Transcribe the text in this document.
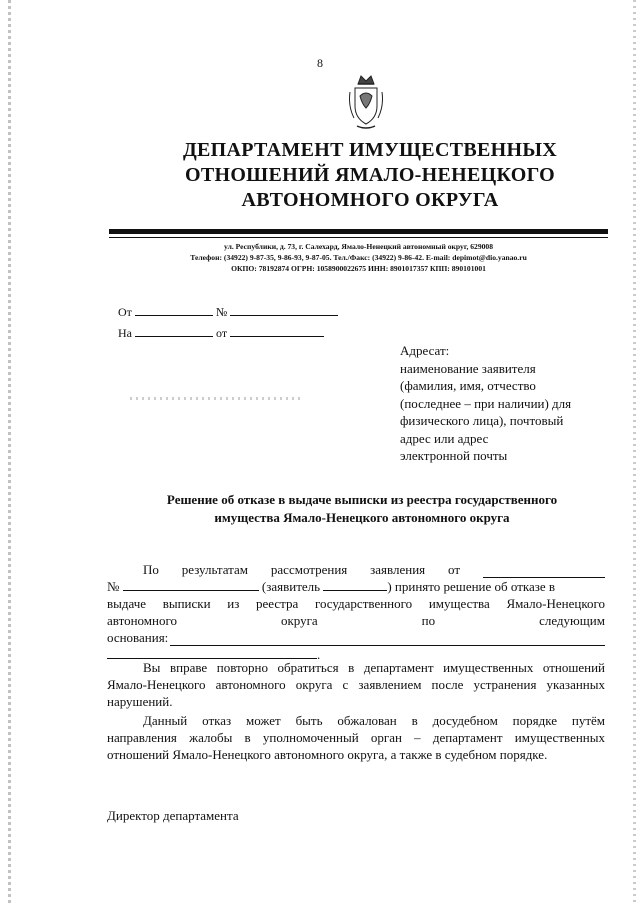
8
ДЕПАРТАМЕНТ ИМУЩЕСТВЕННЫХ
ОТНОШЕНИЙ ЯМАЛО-НЕНЕЦКОГО
АВТОНОМНОГО ОКРУГА
ул. Республики, д. 73, г. Салехард, Ямало-Ненецкий автономный округ, 629008
Телефон: (34922) 9-87-35, 9-86-93, 9-87-05. Тел./Факс: (34922) 9-86-42. E-mail: depimot@dio.yanao.ru
ОКПО: 78192874 ОГРН: 1058900022675 ИНН: 8901017357 КПП: 890101001
От	№
На	от
Адресат:
наименование заявителя
(фамилия, имя, отчество
(последнее – при наличии) для
физического лица), почтовый
адрес или адрес
электронной почты
Решение об отказе в выдаче выписки из реестра государственного
имущества Ямало-Ненецкого автономного округа
По результатам рассмотрения заявления от
№	(заявитель	) принято решение об отказе в
выдаче выписки из реестра государственного имущества Ямало-Ненецкого
автономного	округа	по	следующим
основания:
.
Вы вправе повторно обратиться в департамент имущественных отношений
Ямало-Ненецкого автономного округа с заявлением после устранения указанных
нарушений.
Данный отказ может быть обжалован в досудебном порядке путём
направления жалобы в уполномоченный орган – департамент имущественных
отношений Ямало-Ненецкого автономного округа, а также в судебном порядке.
Директор департамента
